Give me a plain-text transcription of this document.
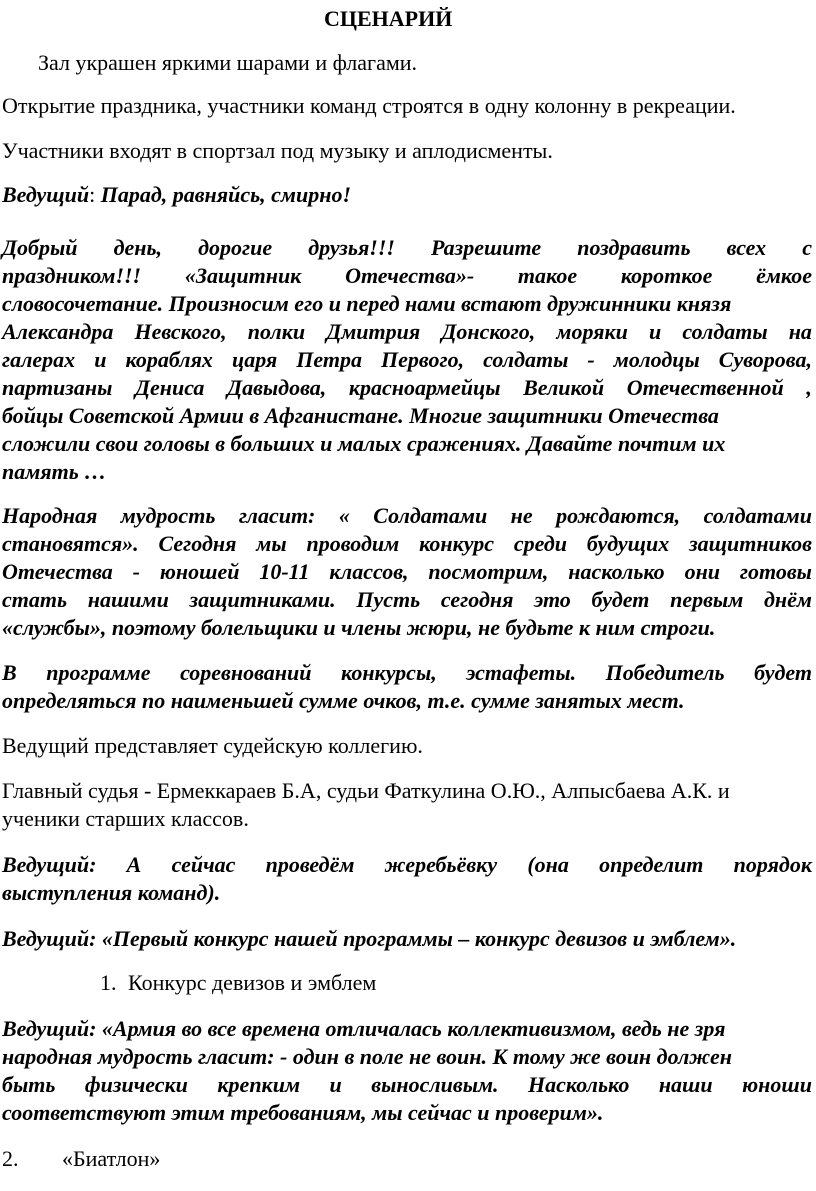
СЦЕНАРИЙ
Зал украшен яркими шарами и флагами.
Открытие праздника, участники команд строятся в одну колонну в рекреации.
Участники входят в спортзал под музыку и аплодисменты.
Ведущий: Парад, равняйсь, смирно!
Добрый день, дорогие друзья!!! Разрешите поздравить всех с
праздником!!! «Защитник Отечества»- такое короткое ёмкое
словосочетание. Произносим его и перед нами встают дружинники князя
Александра Невского, полки Дмитрия Донского, моряки и солдаты на
галерах и кораблях царя Петра Первого, солдаты - молодцы Суворова,
партизаны Дениса Давыдова, красноармейцы Великой Отечественной ,
бойцы Советской Армии в Афганистане. Многие защитники Отечества
сложили свои головы в больших и малых сражениях. Давайте почтим их
память …
Народная мудрость гласит: « Солдатами не рождаются, солдатами
становятся». Сегодня мы проводим конкурс среди будущих защитников
Отечества - юношей 10-11 классов, посмотрим, насколько они готовы
стать нашими защитниками. Пусть сегодня это будет первым днём
«службы», поэтому болельщики и члены жюри, не будьте к ним строги.
В программе соревнований конкурсы, эстафеты. Победитель будет
определяться по наименьшей сумме очков, т.е. сумме занятых мест.
Ведущий представляет судейскую коллегию.
Главный судья - Ермеккараев Б.А, судьи Фаткулина О.Ю., Алпысбаева А.К. и
ученики старших классов.
Ведущий: А сейчас проведём жеребьёвку (она определит порядок
выступления команд).
Ведущий: «Первый конкурс нашей программы – конкурс девизов и эмблем».
1. Конкурс девизов и эмблем
Ведущий: «Армия во все времена отличалась коллективизмом, ведь не зря
народная мудрость гласит: - один в поле не воин. К тому же воин должен
быть физически крепким и выносливым. Насколько наши юноши
соответствуют этим требованиям, мы сейчас и проверим».
2. «Биатлон»
